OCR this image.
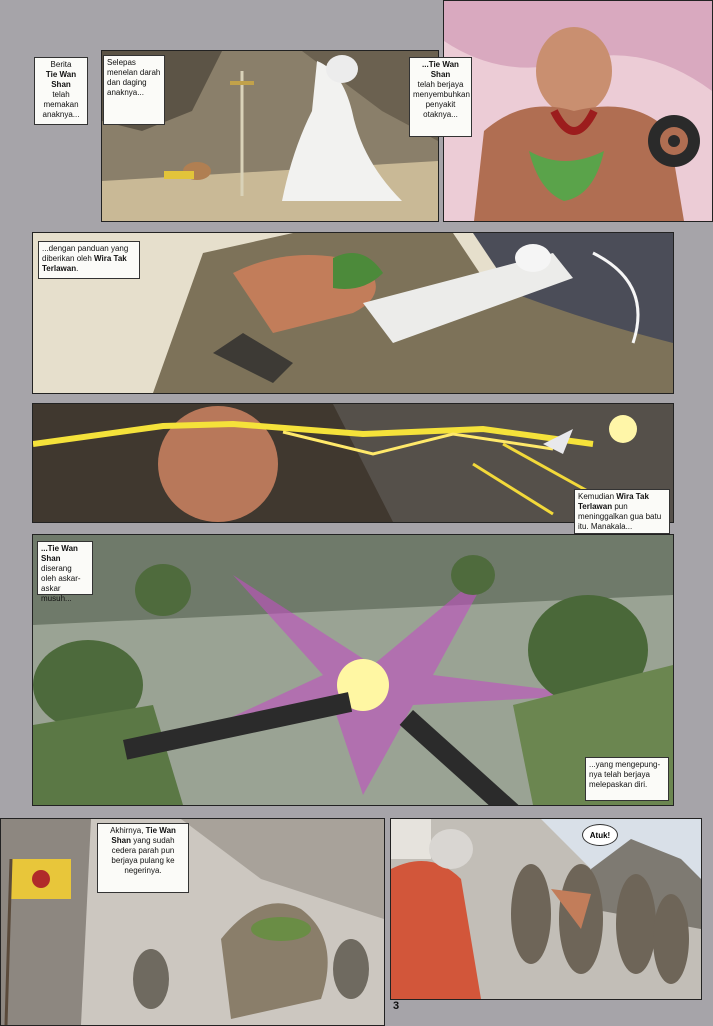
Berita
Tie Wan Shan
telah memakan anaknya...
Selepas menelan darah dan daging anaknya...
...Tie Wan Shan
telah berjaya menyembuhkan penyakit otaknya...
...dengan panduan yang diberikan oleh Wira Tak Terlawan.
Kemudian Wira Tak Terlawan pun meninggalkan gua batu itu. Manakala...
...Tie Wan Shan diserang oleh askar-askar musuh...
...yang mengepung-nya telah berjaya melepaskan diri.
Akhirnya, Tie Wan Shan yang sudah cedera parah pun berjaya pulang ke negerinya.
Atuk!
3
